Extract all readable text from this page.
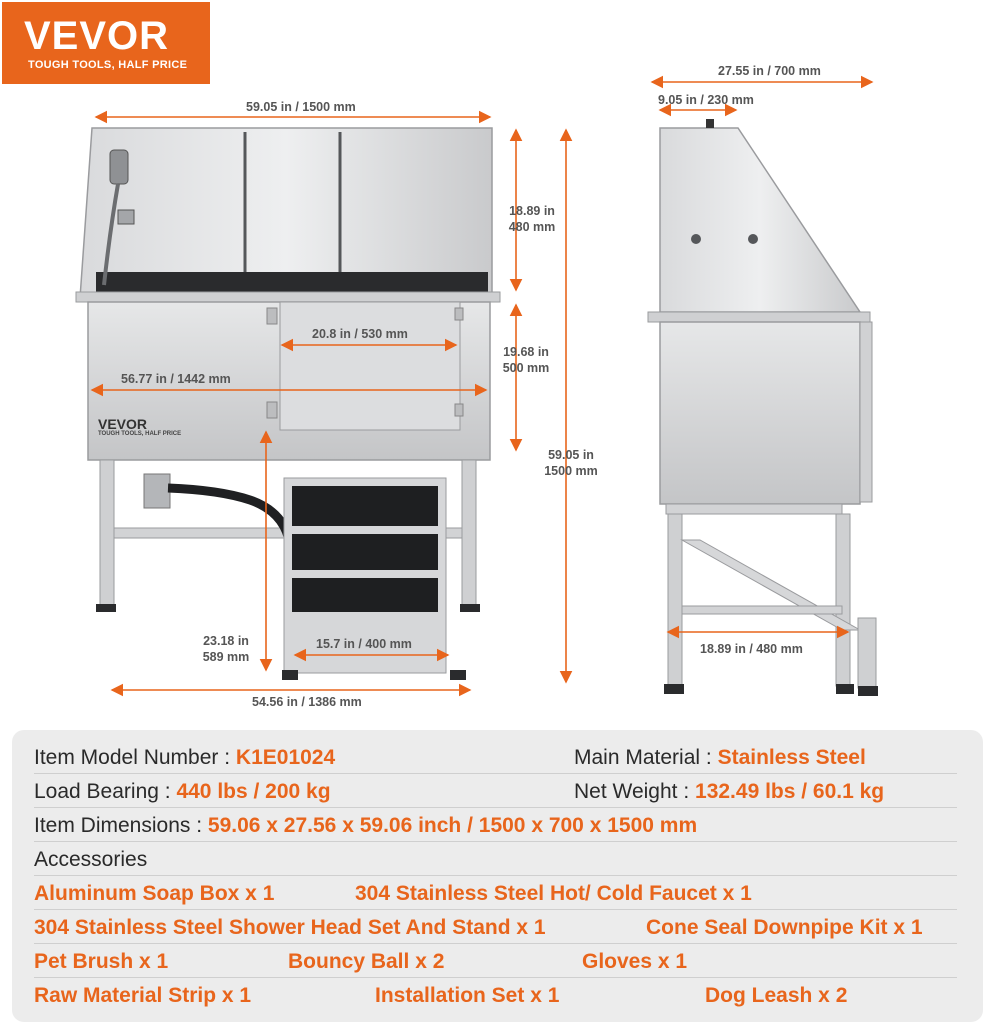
VEVOR
TOUGH TOOLS, HALF PRICE
VEVOR
TOUGH TOOLS, HALF PRICE
59.05 in / 1500 mm
56.77 in / 1442 mm
20.8 in / 530 mm
18.89 in
480 mm
19.68 in
500 mm
59.05 in
1500 mm
23.18 in
589 mm
15.7 in / 400 mm
54.56 in / 1386 mm
27.55 in / 700 mm
9.05 in / 230 mm
18.89 in / 480 mm
Item Model Number : K1E01024	Main Material : Stainless Steel
Load Bearing : 440 lbs / 200 kg	Net Weight : 132.49 lbs / 60.1 kg
Item Dimensions : 59.06 x 27.56 x 59.06 inch / 1500 x 700 x 1500 mm
Accessories
Aluminum Soap Box x 1	304 Stainless Steel Hot/ Cold Faucet x 1
304 Stainless Steel Shower Head Set And Stand x 1	Cone Seal Downpipe Kit x 1
Pet Brush x 1	Bouncy Ball x 2	Gloves x 1
Raw Material Strip x 1	Installation Set x 1	Dog Leash x 2
